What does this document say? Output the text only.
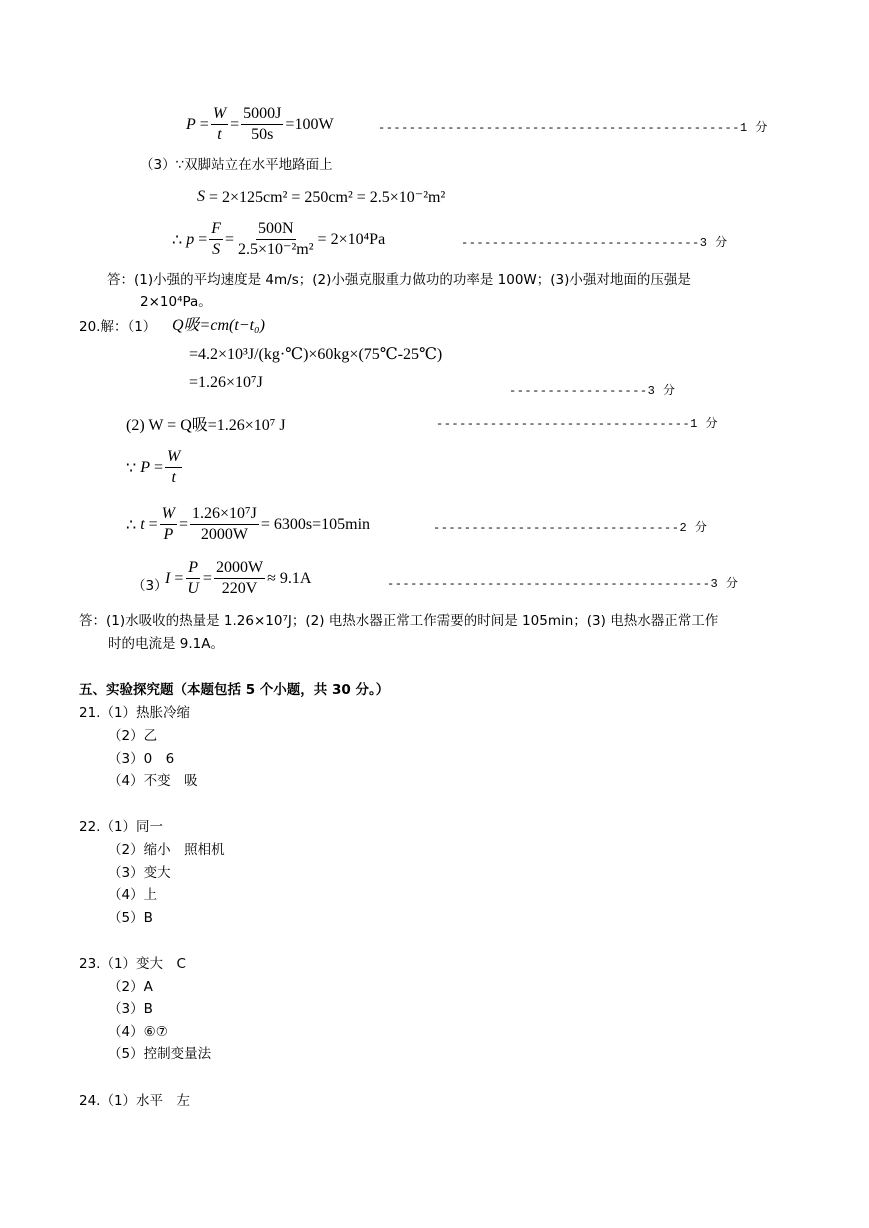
$P = \frac{W}{t} = \frac{5000J}{50s} = 100W$	-----------------------------------------------1 分
（3）∵双脚站立在水平地路面上
S
= 2×125cm² = 250cm² = 2.5×10⁻²m²
∴
$p = \frac{F}{S} = \frac{500N}{\text{2.5×10⁻²m²}} = 2\times 10^4Pa$	-------------------------------3 分
答：(1)小强的平均速度是 4m/s；(2)小强克服重力做功的功率是 100W；(3)小强对地面的压强是
2×10⁴Pa。
20.解：（1） Q吸=cm(t−t₀)
=4.2×10³J/(kg·℃)×60kg×(75℃-25℃)
=1.26×10⁷J	------------------3 分
(2) W = Q吸=1.26×10⁷ J	---------------------------------1 分
∵
$P = \frac{W}{t}$
∴
$t = \frac{W}{P} = \frac{\text{1.26×10⁷J}}{2000W} = 6300s=105\min$	--------------------------------2 分
（3）
$I = \frac{P}{U} = \frac{2000W}{220V} \approx 9.1A$	------------------------------------------3 分
答：(1)水吸收的热量是 1.26×10⁷J；(2) 电热水器正常工作需要的时间是 105min；(3) 电热水器正常工作
时的电流是 9.1A。
五、实验探究题（本题包括 5 个小题，共 30 分。）
21.（1）热胀冷缩
（2）乙
（3）0　6
（4）不变　吸
22.（1）同一
（2）缩小　照相机
（3）变大
（4）上
（5）B
23.（1）变大　C
（2）A
（3）B
（4）⑥⑦
（5）控制变量法
24.（1）水平　左
